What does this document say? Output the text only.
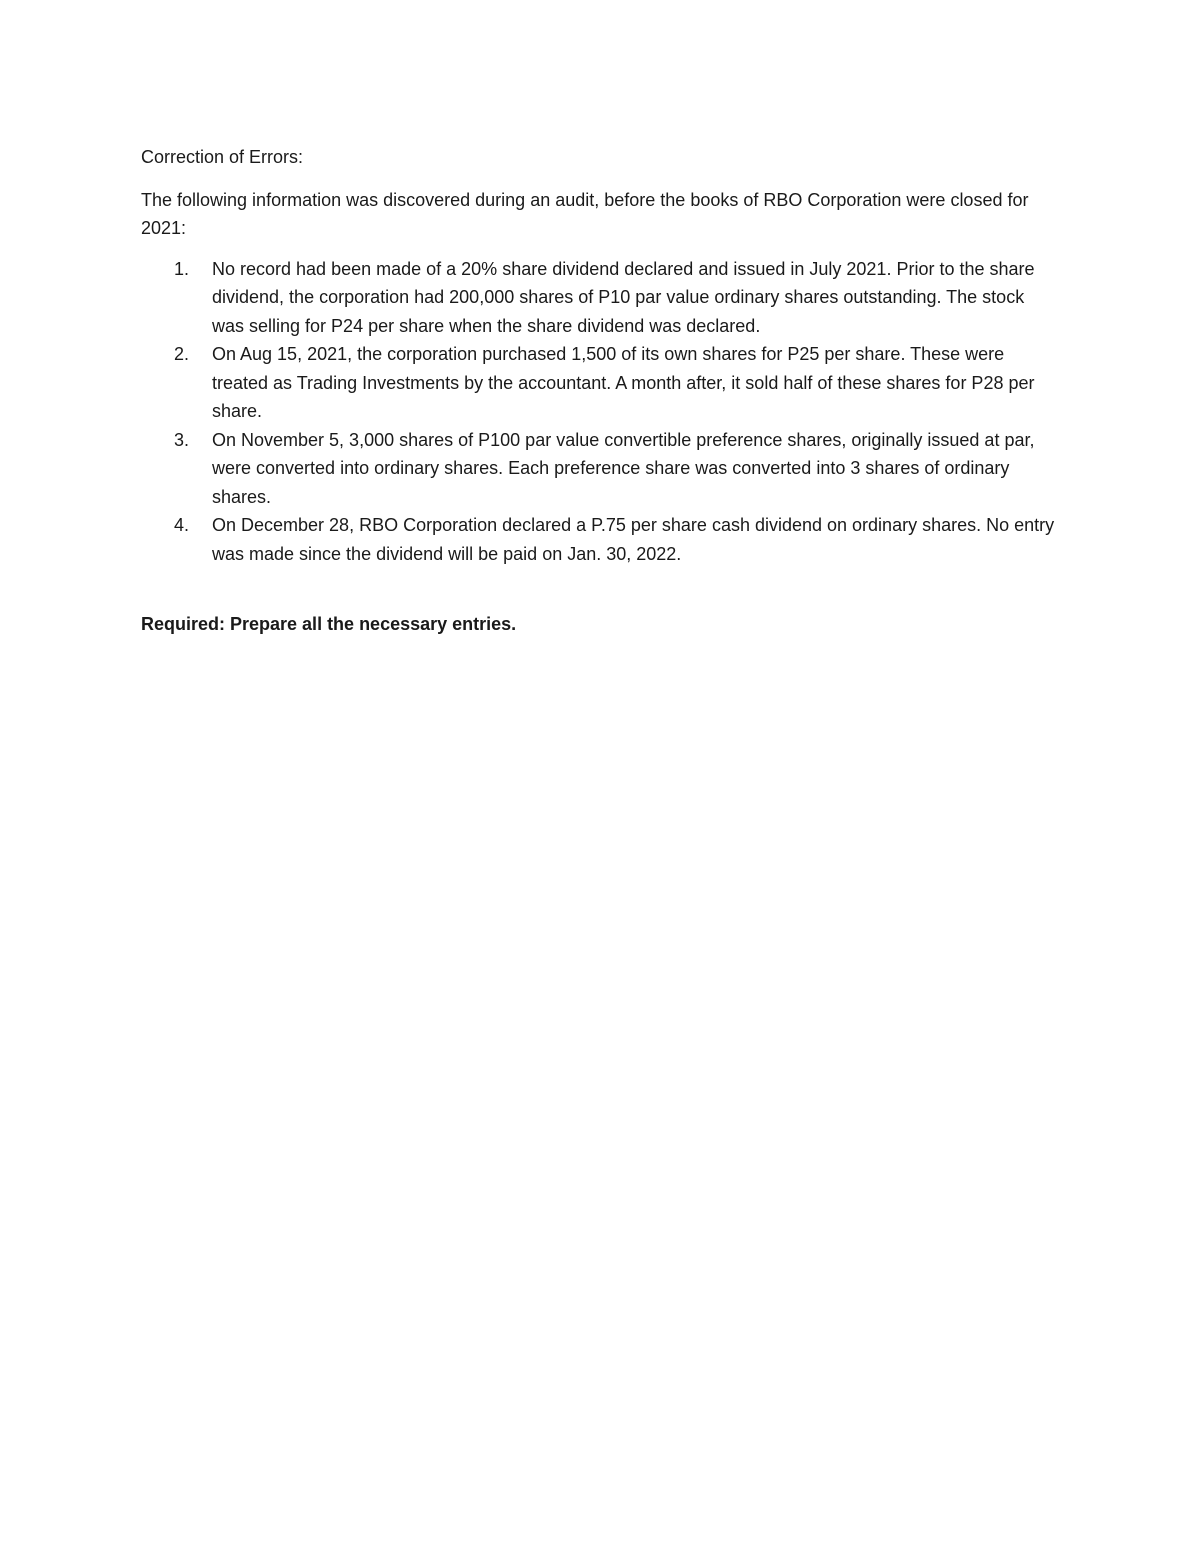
Correction of Errors:

The following information was discovered during an audit, before the books of RBO Corporation were closed for 2021:

1. No record had been made of a 20% share dividend declared and issued in July 2021. Prior to the share dividend, the corporation had 200,000 shares of P10 par value ordinary shares outstanding. The stock was selling for P24 per share when the share dividend was declared.
2. On Aug 15, 2021, the corporation purchased 1,500 of its own shares for P25 per share. These were treated as Trading Investments by the accountant. A month after, it sold half of these shares for P28 per share.
3. On November 5, 3,000 shares of P100 par value convertible preference shares, originally issued at par, were converted into ordinary shares. Each preference share was converted into 3 shares of ordinary shares.
4. On December 28, RBO Corporation declared a P.75 per share cash dividend on ordinary shares. No entry was made since the dividend will be paid on Jan. 30, 2022.

Required: Prepare all the necessary entries.
